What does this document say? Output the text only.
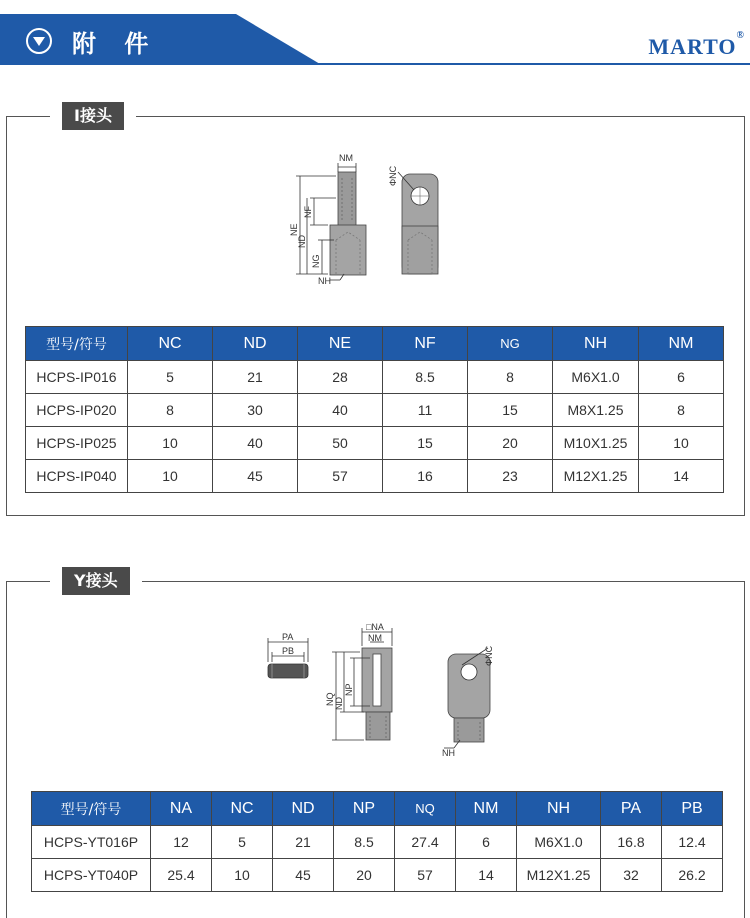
附 件	MARTO®
I接头
NM
NE
NF
ND
NG
NH
ΦNC
型号/符号	NC	ND	NE	NF	NG	NH	NM
HCPS-IP016	5	21	28	8.5	8	M6X1.0	6
HCPS-IP020	8	30	40	11	15	M8X1.25	8
HCPS-IP025	10	40	50	15	20	M10X1.25	10
HCPS-IP040	10	45	57	16	23	M12X1.25	14
Y接头
PA
PB
□NA
NM
NQ ND
NP
ΦNC
NH
型号/符号	NA	NC	ND	NP	NQ	NM	NH	PA	PB
HCPS-YT016P	12	5	21	8.5	27.4	6	M6X1.0	16.8	12.4
HCPS-YT040P	25.4	10	45	20	57	14	M12X1.25	32	26.2
